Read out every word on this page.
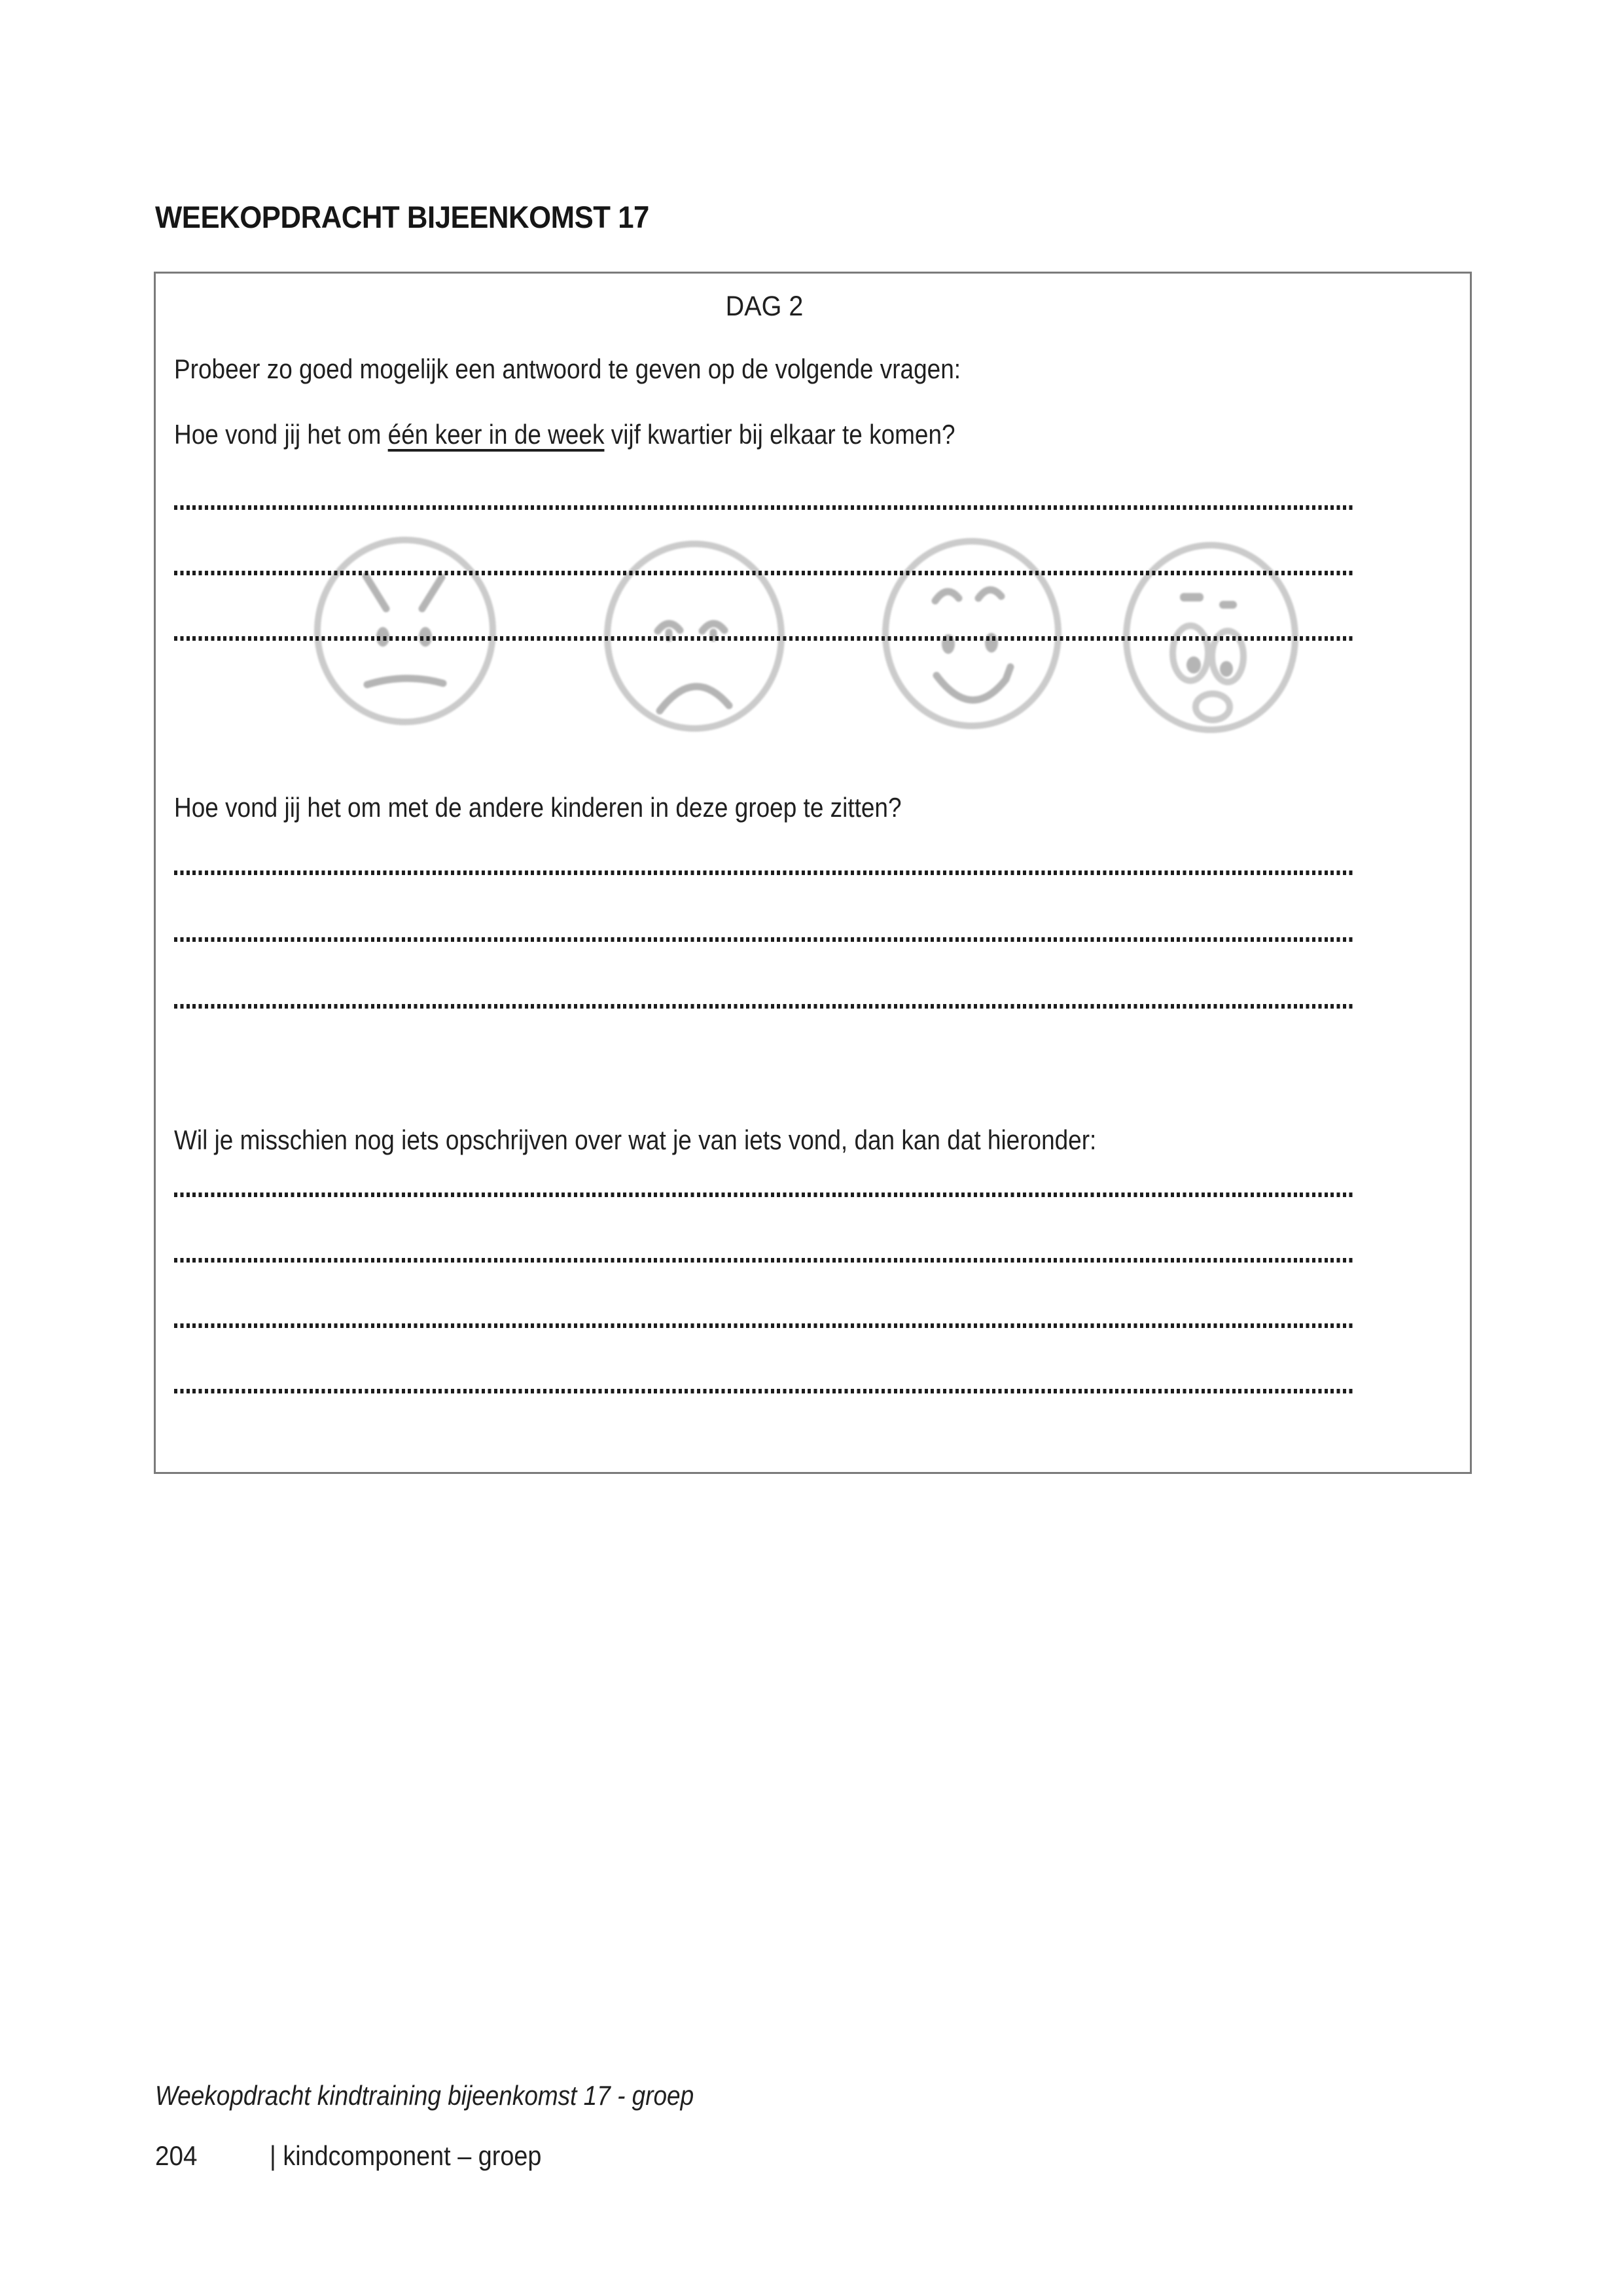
WEEKOPDRACHT BIJEENKOMST 17
DAG 2
Probeer zo goed mogelijk een antwoord te geven op de volgende vragen:
Hoe vond jij het om één keer in de week vijf kwartier bij elkaar te komen?
Hoe vond jij het om met de andere kinderen in deze groep te zitten?
Wil je misschien nog iets opschrijven over wat je van iets vond, dan kan dat hieronder:
Weekopdracht kindtraining bijeenkomst 17 - groep
204	| kindcomponent – groep
